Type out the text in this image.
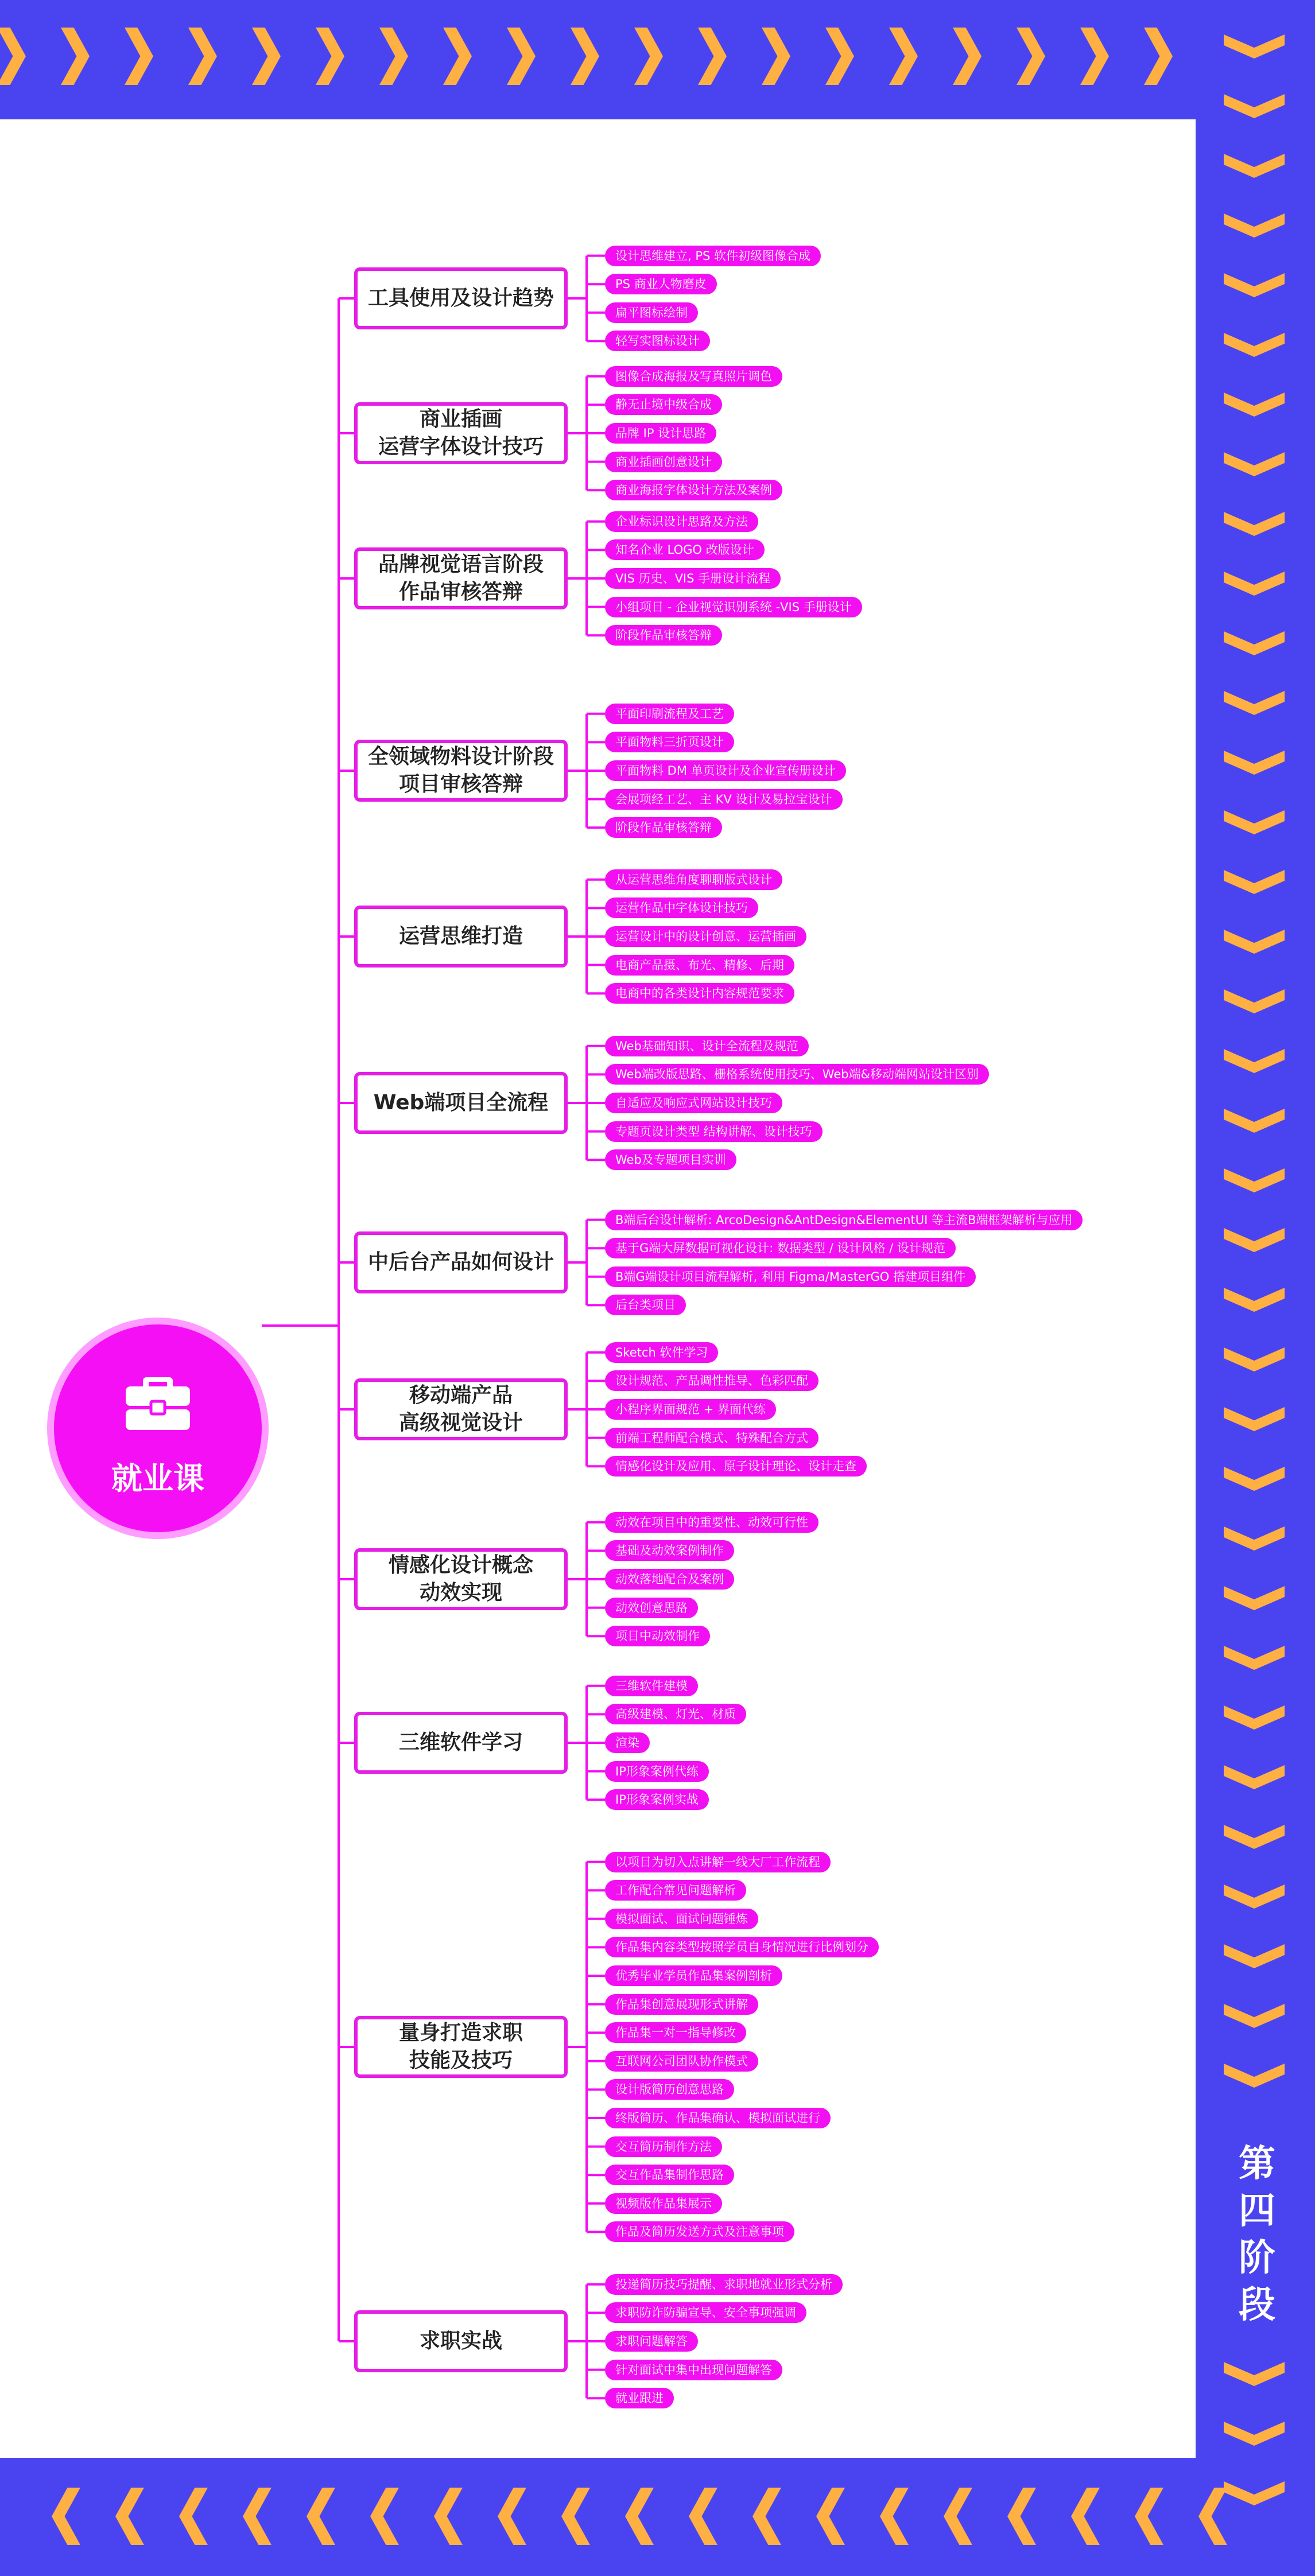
第
四
阶
段
就业课
工具使用及设计趋势
设计思维建立, PS 软件初级图像合成
PS 商业人物磨皮
扁平图标绘制
轻写实图标设计
商业插画
运营字体设计技巧
图像合成海报及写真照片调色
静无止境中级合成
品牌 IP 设计思路
商业插画创意设计
商业海报字体设计方法及案例
品牌视觉语言阶段
作品审核答辩
企业标识设计思路及方法
知名企业 LOGO 改版设计
VIS 历史、VIS 手册设计流程
小组项目 - 企业视觉识别系统 -VIS 手册设计
阶段作品审核答辩
全领域物料设计阶段
项目审核答辩
平面印刷流程及工艺
平面物料三折页设计
平面物料 DM 单页设计及企业宣传册设计
会展项经工艺、主 KV 设计及易拉宝设计
阶段作品审核答辩
运营思维打造
从运营思维角度聊聊版式设计
运营作品中字体设计技巧
运营设计中的设计创意、运营插画
电商产品摄、布光、精修、后期
电商中的各类设计内容规范要求
Web端项目全流程
Web基础知识、设计全流程及规范
Web端改版思路、栅格系统使用技巧、Web端&移动端网站设计区别
自适应及响应式网站设计技巧
专题页设计类型 结构讲解、设计技巧
Web及专题项目实训
中后台产品如何设计
B端后台设计解析: ArcoDesign&AntDesign&ElementUI 等主流B端框架解析与应用
基于G端大屏数据可视化设计: 数据类型 / 设计风格 / 设计规范
B端G端设计项目流程解析, 利用 Figma/MasterGO 搭建项目组件
后台类项目
移动端产品
高级视觉设计
Sketch 软件学习
设计规范、产品调性推导、色彩匹配
小程序界面规范 + 界面代练
前端工程师配合模式、特殊配合方式
情感化设计及应用、原子设计理论、设计走查
情感化设计概念
动效实现
动效在项目中的重要性、动效可行性
基础及动效案例制作
动效落地配合及案例
动效创意思路
项目中动效制作
三维软件学习
三维软件建模
高级建模、灯光、材质
渲染
IP形象案例代练
IP形象案例实战
量身打造求职
技能及技巧
以项目为切入点讲解一线大厂工作流程
工作配合常见问题解析
模拟面试、面试问题锤炼
作品集内容类型按照学员自身情况进行比例划分
优秀毕业学员作品集案例剖析
作品集创意展现形式讲解
作品集一对一指导修改
互联网公司团队协作模式
设计版简历创意思路
终版简历、作品集确认、模拟面试进行
交互简历制作方法
交互作品集制作思路
视频版作品集展示
作品及简历发送方式及注意事项
求职实战
投递简历技巧提醒、求职地就业形式分析
求职防诈防骗宣导、安全事项强调
求职问题解答
针对面试中集中出现问题解答
就业跟进
